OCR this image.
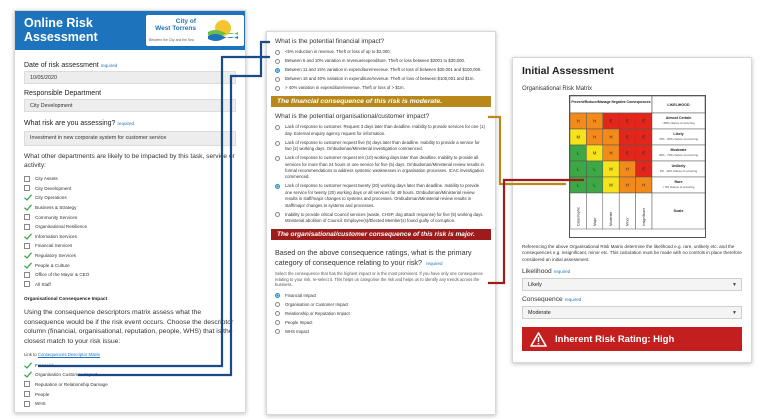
Online Risk
Assessment
City of
West Torrens
Between the City and the Sea
Date of risk assessment required
10/05/2020
Responsible Department
City Development
What risk are you assessing? required
Investment in new corporate system for customer service
What other departments are likely to be impacted by this task, service or activity:
City Assets
City Development
City Operations
Business & Strategy
Community Services
Organisational Resilience
Information Services
Financial Services
Regulatory Services
People & Culture
Office of the Mayor & CEO
All Staff
Organisational Consequence Impact
Using the consequence descriptors matrix assess what the consequence would be if the risk event occurs. Choose the descriptor column (financial, organisational, reputation, people, WHS) that is the closest match to your risk issue:
Link to Consequences Descriptor Matrix
Financial
Organisation Customer Impact
Reputation or Relationship Damage
People
WHS
What is the potential financial impact?
<5% reduction in revenue. Theft or loss of up to $2,000.
Between 6 and 10% variation in revenue/expenditure. Theft or loss between $2001 to $30,000.
Between 11 and 15% variation in expenditure/revenue. Theft or loss of between $30,001 and $100,000.
Between 16 and 40% variation in expenditure/revenue. Theft or loss of between $100,001 and $1m.
> 40% variation in expenditure/revenue. Theft or loss of > $1m.
The financial consequence of this risk is moderate.
What is the potential organisational/customer impact?
Lack of response to customer. Request 3 days later than deadline. Inability to provide services for one (1) day. External enquiry agency request for information.
Lack of response to customer request five (5) days later than deadline. Inability to provide a service for two (2) working days. Ombudsman/Ministerial investigation commenced.
Lack of response to customer request ten (10) working days later than deadline. Inability to provide all services for more than 24 hours or one service for five (5) days. Ombudsman/Ministerial review results in formal recommendations to address systemic weaknesses in organisation processes. ICAC investigation commenced.
Lack of response to customer request twenty (20) working days later than deadline. Inability to provide one service for twenty (20) working days or all services for 48 hours. Ombudsman/Ministerial review results in staff/major changes to systems and processes. Ombudsman/Ministerial review results in staff/major changes to systems and processes.
Inability to provide critical Council services (waste, CHSP, dog attack response) for five (5) working days. Ministerial abolition of Council. Employee(s)/Elected Member(s) found guilty of corruption.
The organisational/customer consequence of this risk is major.
Based on the above consequence ratings, what is the primary category of consequence relating to your risk? required
Select the consequence that has the highest impact or is the most prominent. If you have only one consequence relating to your risk, re-select it. This helps us categorise the risk and helps us to identify any trends across the business.
Financial Impact
Organisation or Customer Impact
Relationship or Reputation Impact
People Impact
WHS Impact
Initial Assessment
Organisational Risk Matrix
Prevent/Reduce/Manage Negative Consequences
LIKELIHOOD
H	H	E	E	E
Almost Certain
>90% chance of occurring
M	H	H	E	E
Likely
70% - 90% chance of occurring
L	M	H	E	E
Moderate
30% - 70% chance of occurring
L	L	M	H	E
Unlikely
5% - 30% chance of occurring
L	L	M	H	H
Rare
< 5% chance of occurring
Catastrophic	Major	Moderate	Minor	Insignificant	Scale
Referencing the above Organisational Risk Matrix determine the likelihood e.g. rare, unlikely etc. and the consequences e.g. insignificant, minor etc. This calculation must be made with no controls in place therefore considered an initial assessment.
Likelihood required
Likely	▼
Consequence required
Moderate	▼
Inherent Risk Rating: High
